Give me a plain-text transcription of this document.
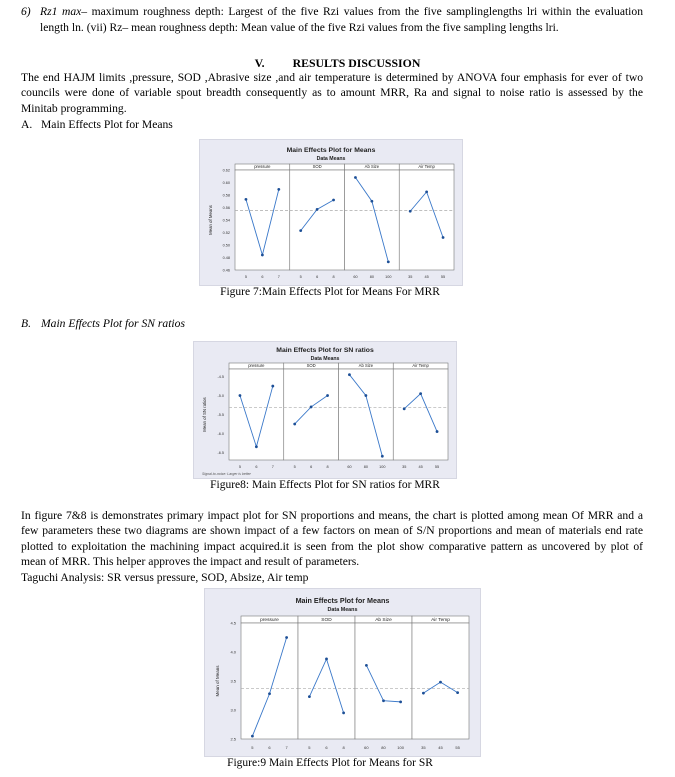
6) Rz1 max– maximum roughness depth: Largest of the five Rzi values from the five samplinglengths lri within the evaluation
length ln. (vii) Rz– mean roughness depth: Mean value of the five Rzi values from the five sampling lengths lri.
V. RESULTS DISCUSSION
The end HAJM limits ,pressure, SOD ,Abrasive size ,and air temperature is determined by ANOVA four emphasis for ever of two
councils were done of variable spout breadth consequently as to amount MRR, Ra and signal to noise ratio is assessed by the
Minitab programming.
A. Main Effects Plot for Means
Main Effects Plot for Means
Data Means
0.62
0.60
0.58
0.56
0.54
0.52
0.50
0.48
0.46
Mean of Means
pressure
5	6	7
SOD
5	6	8
Ab Size
60	80	100
Air Temp
35	45	55
Figure 7:Main Effects Plot for Means For MRR
B. Main Effects Plot for SN ratios
Main Effects Plot for SN ratios
Data Means
-4.5
-5.0
-5.5
-6.0
-6.5
Mean of SN ratios
pressure
5	6	7
SOD
5	6	8
Ab Size
60	80	100
Air Temp
35	45	55
Signal-to-noise: Larger is better
Figure8: Main Effects Plot for SN ratios for MRR
In figure 7&8 is demonstrates primary impact plot for SN proportions and means, the chart is plotted among mean Of MRR and a
few parameters these two diagrams are shown impact of a few factors on mean of S/N proportions and mean of materials end rate
plotted to exploitation the machining impact acquired.it is seen from the plot show comparative pattern as uncovered by plot of
mean of MRR. This helper approves the impact and result of parameters.
Taguchi Analysis: SR versus pressure, SOD, Absize, Air temp
Main Effects Plot for Means
Data Means
4.5
4.0
3.5
3.0
2.5
Mean of Means
pressure
5	6	7
SOD
5	6	8
Ab Size
60	80	100
Air Temp
35	45	55
Figure:9 Main Effects Plot for Means for SR
